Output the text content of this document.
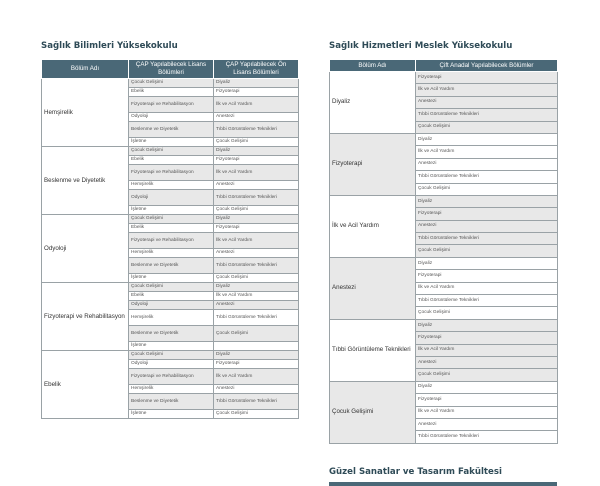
Sağlık Bilimleri Yüksekokulu
Bölüm Adı	ÇAP Yapılabilecek Lisans Bölümleri	ÇAP Yapılabilecek Ön Lisans Bölümleri
Hemşirelik	Çocuk Gelişimi	Diyaliz
	Ebelik	Fizyoterapi
	Fizyoterapi ve Rehabilitasyon	İlk ve Acil Yardım
	Odyoloji	Anestezi
	Beslenme ve Diyetetik	Tıbbi Görüntüleme Teknikleri
	İşletme	Çocuk Gelişimi
Beslenme ve Diyetetik	Çocuk Gelişimi	Diyaliz
	Ebelik	Fizyoterapi
	Fizyoterapi ve Rehabilitasyon	İlk ve Acil Yardım
	Hemşirelik	Anestezi
	Odyoloji	Tıbbi Görüntüleme Teknikleri
	İşletme	Çocuk Gelişimi
Odyoloji	Çocuk Gelişimi	Diyaliz
	Ebelik	Fizyoterapi
	Fizyoterapi ve Rehabilitasyon	İlk ve Acil Yardım
	Hemşirelik	Anestezi
	Beslenme ve Diyetetik	Tıbbi Görüntüleme Teknikleri
	İşletme	Çocuk Gelişimi
Fizyoterapi ve Rehabilitasyon	Çocuk Gelişimi	Diyaliz
	Ebelik	İlk ve Acil Yardım
	Odyoloji	Anestezi
	Hemşirelik	Tıbbi Görüntüleme Teknikleri
	Beslenme ve Diyetetik	Çocuk Gelişimi
	İşletme	
Ebelik	Çocuk Gelişimi	Diyaliz
	Odyoloji	Fizyoterapi
	Fizyoterapi ve Rehabilitasyon	İlk ve Acil Yardım
	Hemşirelik	Anestezi
	Beslenme ve Diyetetik	Tıbbi Görüntüleme Teknikleri
	İşletme	Çocuk Gelişimi
Sağlık Hizmetleri Meslek Yüksekokulu
Bölüm Adı	Çift Anadal Yapılabilecek Bölümler
Diyaliz	Fizyoterapi
	İlk ve Acil Yardım
	Anestezi
	Tıbbi Görüntüleme Teknikleri
	Çocuk Gelişimi
Fizyoterapi	Diyaliz
	İlk ve Acil Yardım
	Anestezi
	Tıbbi Görüntüleme Teknikleri
	Çocuk Gelişimi
İlk ve Acil Yardım	Diyaliz
	Fizyoterapi
	Anestezi
	Tıbbi Görüntüleme Teknikleri
	Çocuk Gelişimi
Anestezi	Diyaliz
	Fizyoterapi
	İlk ve Acil Yardım
	Tıbbi Görüntüleme Teknikleri
	Çocuk Gelişimi
Tıbbi Görüntüleme Teknikleri	Diyaliz
	Fizyoterapi
	İlk ve Acil Yardım
	Anestezi
	Çocuk Gelişimi
Çocuk Gelişimi	Diyaliz
	Fizyoterapi
	İlk ve Acil Yardım
	Anestezi
	Tıbbi Görüntüleme Teknikleri
Güzel Sanatlar ve Tasarım Fakültesi
